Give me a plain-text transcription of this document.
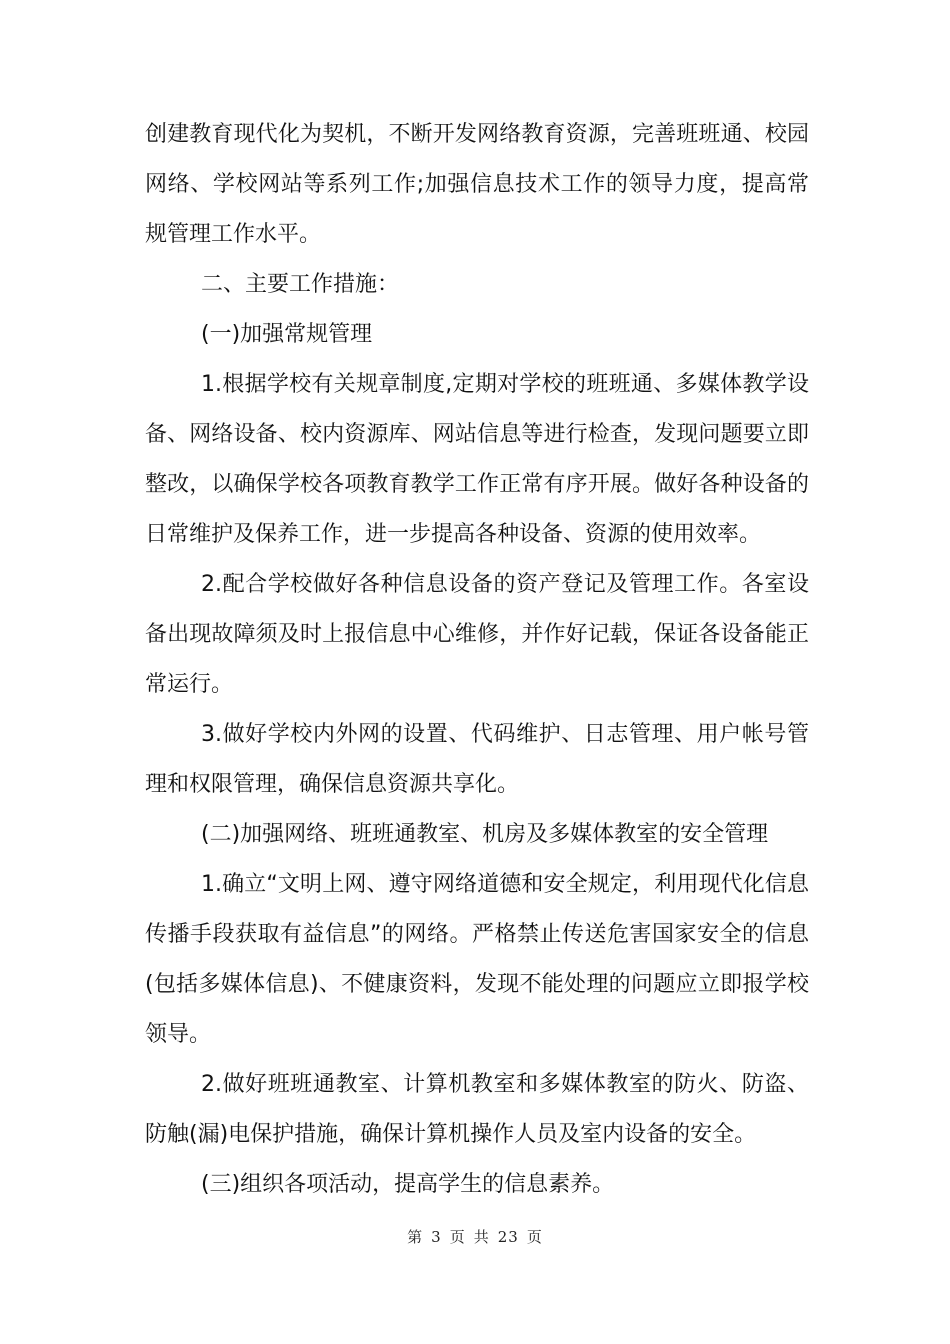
创建教育现代化为契机，不断开发网络教育资源，完善班班通、校园网络、学校网站等系列工作;加强信息技术工作的领导力度，提高常规管理工作水平。

二、主要工作措施：

(一)加强常规管理

1.根据学校有关规章制度,定期对学校的班班通、多媒体教学设备、网络设备、校内资源库、网站信息等进行检查，发现问题要立即整改，以确保学校各项教育教学工作正常有序开展。做好各种设备的日常维护及保养工作，进一步提高各种设备、资源的使用效率。

2.配合学校做好各种信息设备的资产登记及管理工作。各室设备出现故障须及时上报信息中心维修，并作好记载，保证各设备能正常运行。

3.做好学校内外网的设置、代码维护、日志管理、用户帐号管理和权限管理，确保信息资源共享化。

(二)加强网络、班班通教室、机房及多媒体教室的安全管理

1.确立“文明上网、遵守网络道德和安全规定，利用现代化信息传播手段获取有益信息”的网络。严格禁止传送危害国家安全的信息(包括多媒体信息)、不健康资料，发现不能处理的问题应立即报学校领导。

2.做好班班通教室、计算机教室和多媒体教室的防火、防盗、防触(漏)电保护措施，确保计算机操作人员及室内设备的安全。

(三)组织各项活动，提高学生的信息素养。

第 3 页 共 23 页
